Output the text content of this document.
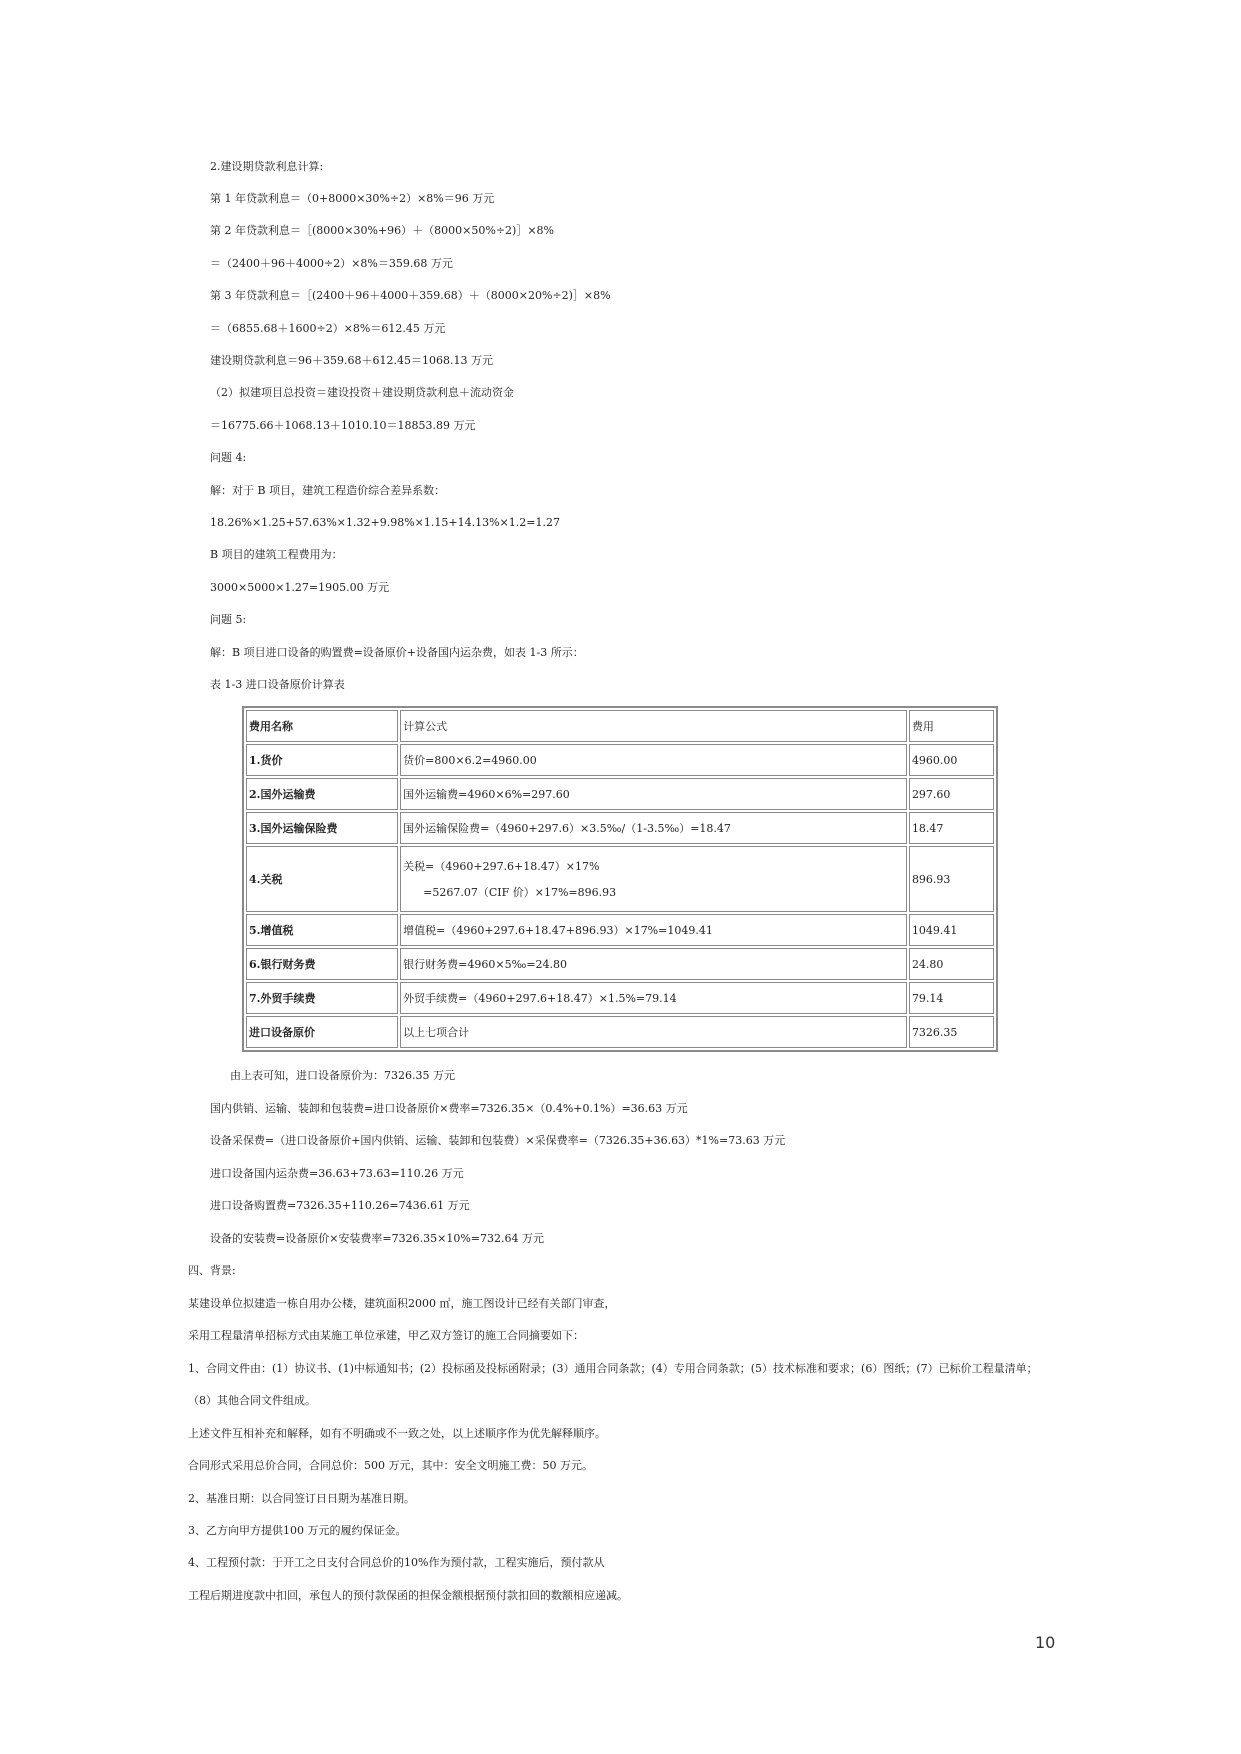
2.建设期贷款利息计算:
第 1 年贷款利息＝（0+8000×30%÷2）×8%＝96 万元
第 2 年贷款利息＝［(8000×30%+96）＋（8000×50%÷2)］×8%
＝（2400＋96＋4000÷2）×8%＝359.68 万元
第 3 年贷款利息＝［(2400＋96＋4000＋359.68）＋（8000×20%÷2)］×8%
＝（6855.68＋1600÷2）×8%＝612.45 万元
建设期贷款利息＝96＋359.68＋612.45＝1068.13 万元
（2）拟建项目总投资＝建设投资＋建设期贷款利息＋流动资金
＝16775.66＋1068.13＋1010.10＝18853.89 万元
问题 4:
解：对于 B 项目，建筑工程造价综合差异系数：
18.26%×1.25+57.63%×1.32+9.98%×1.15+14.13%×1.2=1.27
B 项目的建筑工程费用为：
3000×5000×1.27=1905.00 万元
问题 5:
解：B 项目进口设备的购置费=设备原价+设备国内运杂费，如表 1-3 所示：
表 1-3 进口设备原价计算表
费用名称	计算公式	费用
1.货价	货价=800×6.2=4960.00	4960.00
2.国外运输费	国外运输费=4960×6%=297.60	297.60
3.国外运输保险费	国外运输保险费=（4960+297.6）×3.5‰/（1-3.5‰）=18.47	18.47
4.关税	关税=（4960+297.6+18.47）×17%
=5267.07（CIF 价）×17%=896.93	896.93
5.增值税	增值税=（4960+297.6+18.47+896.93）×17%=1049.41	1049.41
6.银行财务费	银行财务费=4960×5‰=24.80	24.80
7.外贸手续费	外贸手续费=（4960+297.6+18.47）×1.5%=79.14	79.14
进口设备原价	以上七项合计	7326.35
由上表可知，进口设备原价为：7326.35 万元
国内供销、运输、装卸和包装费=进口设备原价×费率=7326.35×（0.4%+0.1%）=36.63 万元
设备采保费=（进口设备原价+国内供销、运输、装卸和包装费）×采保费率=（7326.35+36.63）*1%=73.63 万元
进口设备国内运杂费=36.63+73.63=110.26 万元
进口设备购置费=7326.35+110.26=7436.61 万元
设备的安装费=设备原价×安装费率=7326.35×10%=732.64 万元
四、背景:
某建设单位拟建造一栋自用办公楼，建筑面积2000 ㎡，施工图设计已经有关部门审查，
采用工程量清单招标方式由某施工单位承建，甲乙双方签订的施工合同摘要如下：
1、合同文件由：(1）协议书、(1)中标通知书；(2）投标函及投标函附录；(3）通用合同条款；(4）专用合同条款；(5）技术标准和要求；(6）图纸；(7）已标价工程量清单；
（8）其他合同文件组成。
上述文件互相补充和解释，如有不明确或不一致之处，以上述顺序作为优先解释顺序。
合同形式采用总价合同，合同总价：500 万元，其中：安全文明施工费：50 万元。
2、基准日期：以合同签订日日期为基准日期。
3、乙方向甲方提供100 万元的履约保证金。
4、工程预付款：于开工之日支付合同总价的10%作为预付款，工程实施后，预付款从
工程后期进度款中扣回，承包人的预付款保函的担保金额根据预付款扣回的数额相应递减。
10
